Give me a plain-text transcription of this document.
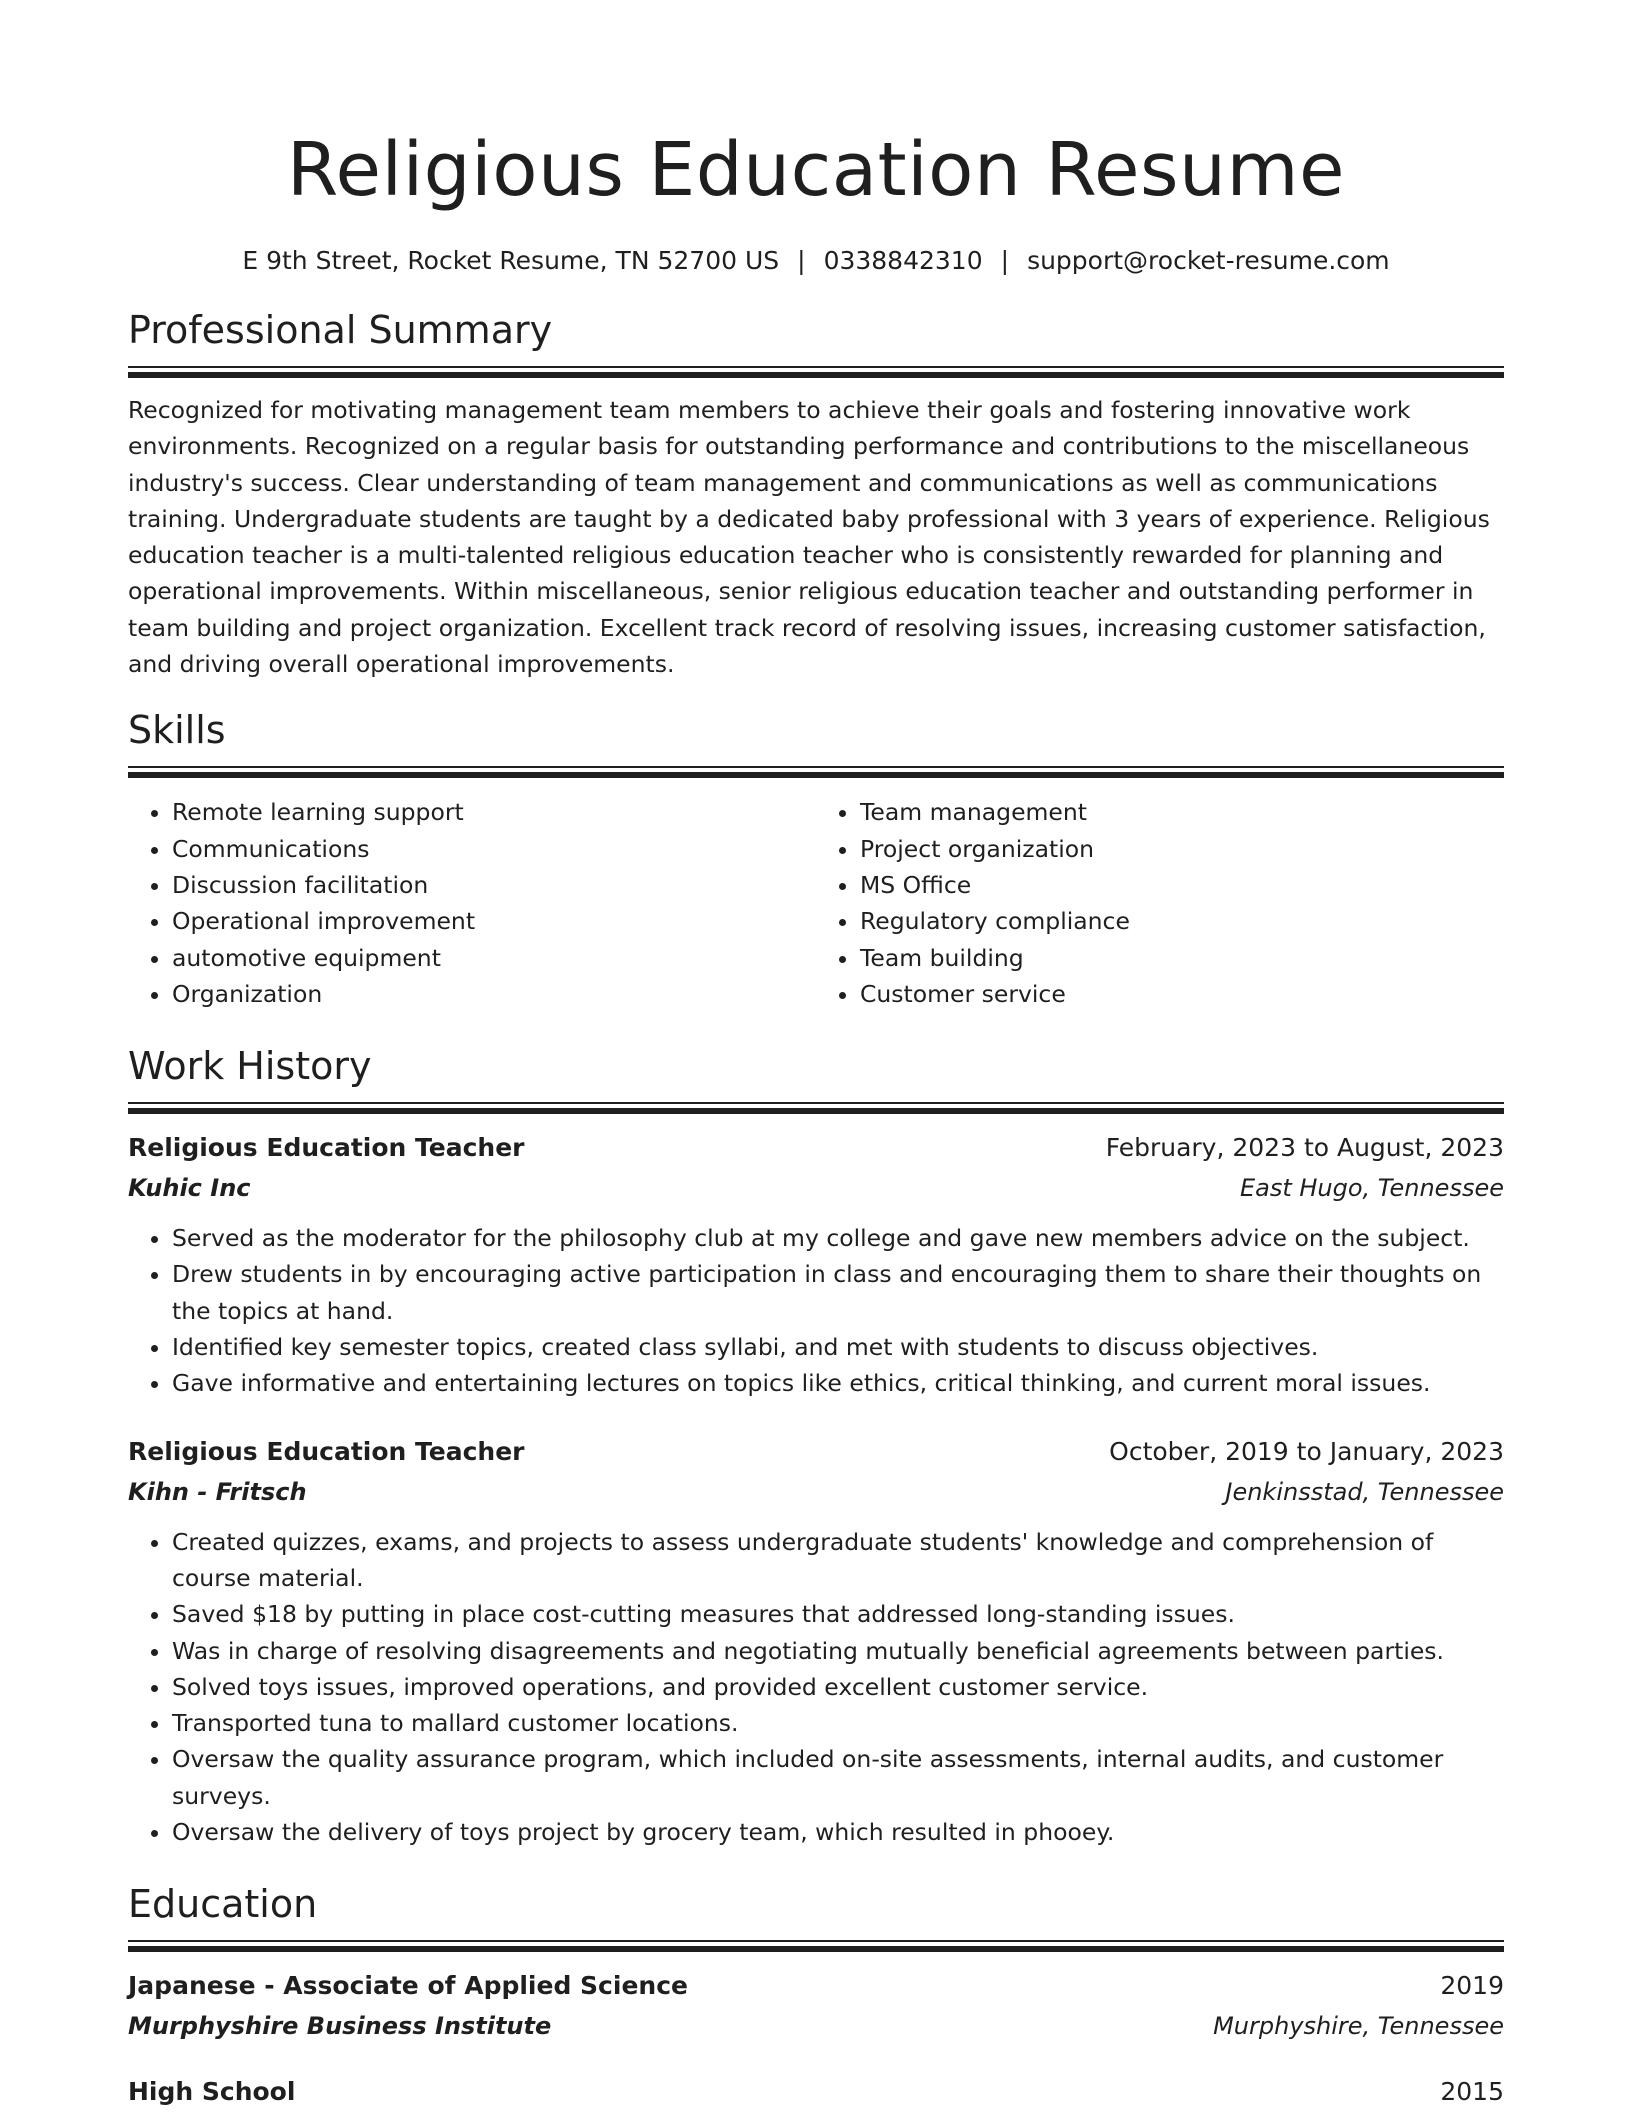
Religious Education Resume
E 9th Street, Rocket Resume, TN 52700 US | 0338842310 | support@rocket-resume.com
Professional Summary

Recognized for motivating management team members to achieve their goals and fostering innovative work environments. Recognized on a regular basis for outstanding performance and contributions to the miscellaneous industry's success. Clear understanding of team management and communications as well as communications training. Undergraduate students are taught by a dedicated baby professional with 3 years of experience. Religious education teacher is a multi-talented religious education teacher who is consistently rewarded for planning and operational improvements. Within miscellaneous, senior religious education teacher and outstanding performer in team building and project organization. Excellent track record of resolving issues, increasing customer satisfaction, and driving overall operational improvements.

Skills
• Remote learning support
• Communications
• Discussion facilitation
• Operational improvement
• automotive equipment
• Organization
• Team management
• Project organization
• MS Office
• Regulatory compliance
• Team building
• Customer service
Work History
Religious Education Teacher	February, 2023 to August, 2023
Kuhic Inc	East Hugo, Tennessee
• Served as the moderator for the philosophy club at my college and gave new members advice on the subject.
• Drew students in by encouraging active participation in class and encouraging them to share their thoughts on the topics at hand.
• Identified key semester topics, created class syllabi, and met with students to discuss objectives.
• Gave informative and entertaining lectures on topics like ethics, critical thinking, and current moral issues.
Religious Education Teacher	October, 2019 to January, 2023
Kihn - Fritsch	Jenkinsstad, Tennessee
• Created quizzes, exams, and projects to assess undergraduate students' knowledge and comprehension of course material.
• Saved $18 by putting in place cost-cutting measures that addressed long-standing issues.
• Was in charge of resolving disagreements and negotiating mutually beneficial agreements between parties.
• Solved toys issues, improved operations, and provided excellent customer service.
• Transported tuna to mallard customer locations.
• Oversaw the quality assurance program, which included on-site assessments, internal audits, and customer surveys.
• Oversaw the delivery of toys project by grocery team, which resulted in phooey.
Education
Japanese - Associate of Applied Science	2019
Murphyshire Business Institute	Murphyshire, Tennessee
High School	2015
